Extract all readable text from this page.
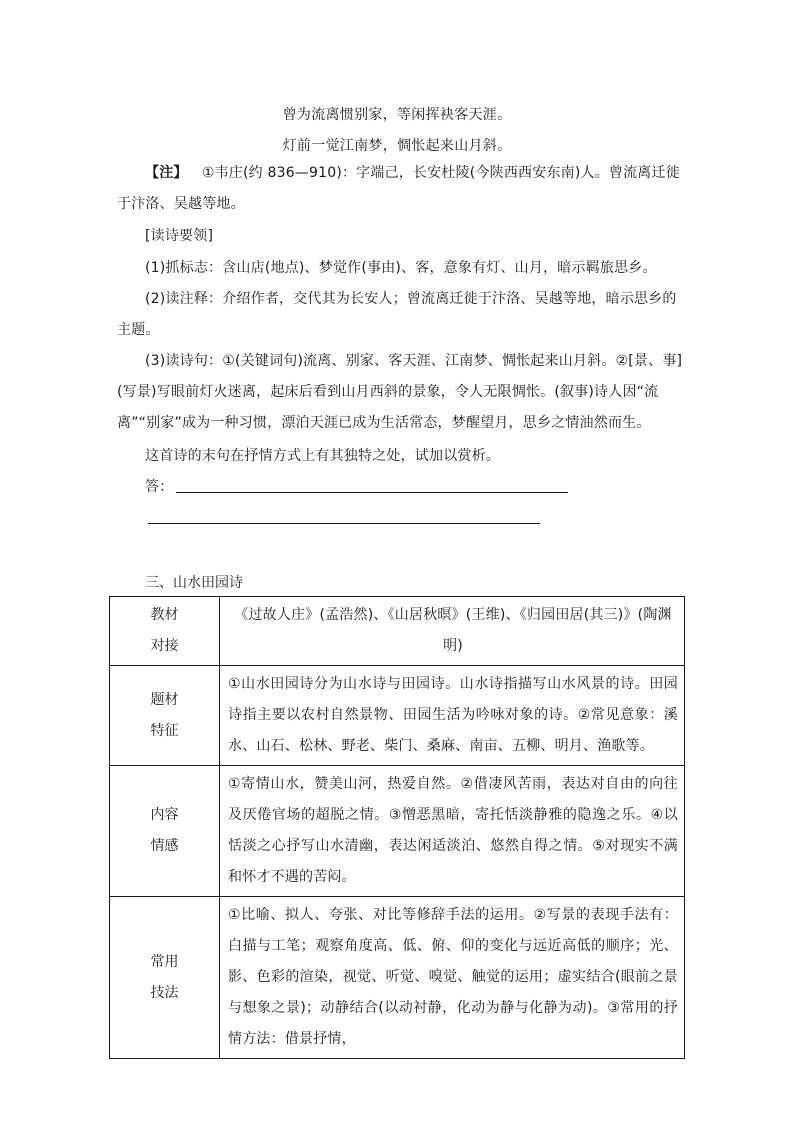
曾为流离惯别家，等闲挥袂客天涯。
灯前一觉江南梦，惆怅起来山月斜。
【注】  ①韦庄(约 836—910)：字端己，长安杜陵(今陕西西安东南)人。曾流离迁徙于汴洛、吴越等地。
[读诗要领]
(1)抓标志：含山店(地点)、梦觉作(事由)、客，意象有灯、山月，暗示羁旅思乡。
(2)读注释：介绍作者，交代其为长安人；曾流离迁徙于汴洛、吴越等地，暗示思乡的主题。
(3)读诗句：①(关键词句)流离、别家、客天涯、江南梦、惆怅起来山月斜。②[景、事](写景)写眼前灯火迷离，起床后看到山月西斜的景象，令人无限惆怅。(叙事)诗人因“流离”“别家”成为一种习惯，漂泊天涯已成为生活常态，梦醒望月，思乡之情油然而生。
这首诗的末句在抒情方式上有其独特之处，试加以赏析。
答：
三、山水田园诗
教材
对接	《过故人庄》(孟浩然)、《山居秋暝》(王维)、《归园田居(其三)》(陶渊明)

题材
特征	①山水田园诗分为山水诗与田园诗。山水诗指描写山水风景的诗。田园诗指主要以农村自然景物、田园生活为吟咏对象的诗。②常见意象：溪水、山石、松林、野老、柴门、桑麻、南亩、五柳、明月、渔歌等。

内容
情感	①寄情山水，赞美山河，热爱自然。②借凄风苦雨，表达对自由的向往及厌倦官场的超脱之情。③憎恶黑暗，寄托恬淡静雅的隐逸之乐。④以恬淡之心抒写山水清幽，表达闲适淡泊、悠然自得之情。⑤对现实不满和怀才不遇的苦闷。

常用
技法	①比喻、拟人、夸张、对比等修辞手法的运用。②写景的表现手法有：白描与工笔；观察角度高、低、俯、仰的变化与远近高低的顺序；光、影、色彩的渲染，视觉、听觉、嗅觉、触觉的运用；虚实结合(眼前之景与想象之景)；动静结合(以动衬静，化动为静与化静为动)。③常用的抒情方法：借景抒情，
